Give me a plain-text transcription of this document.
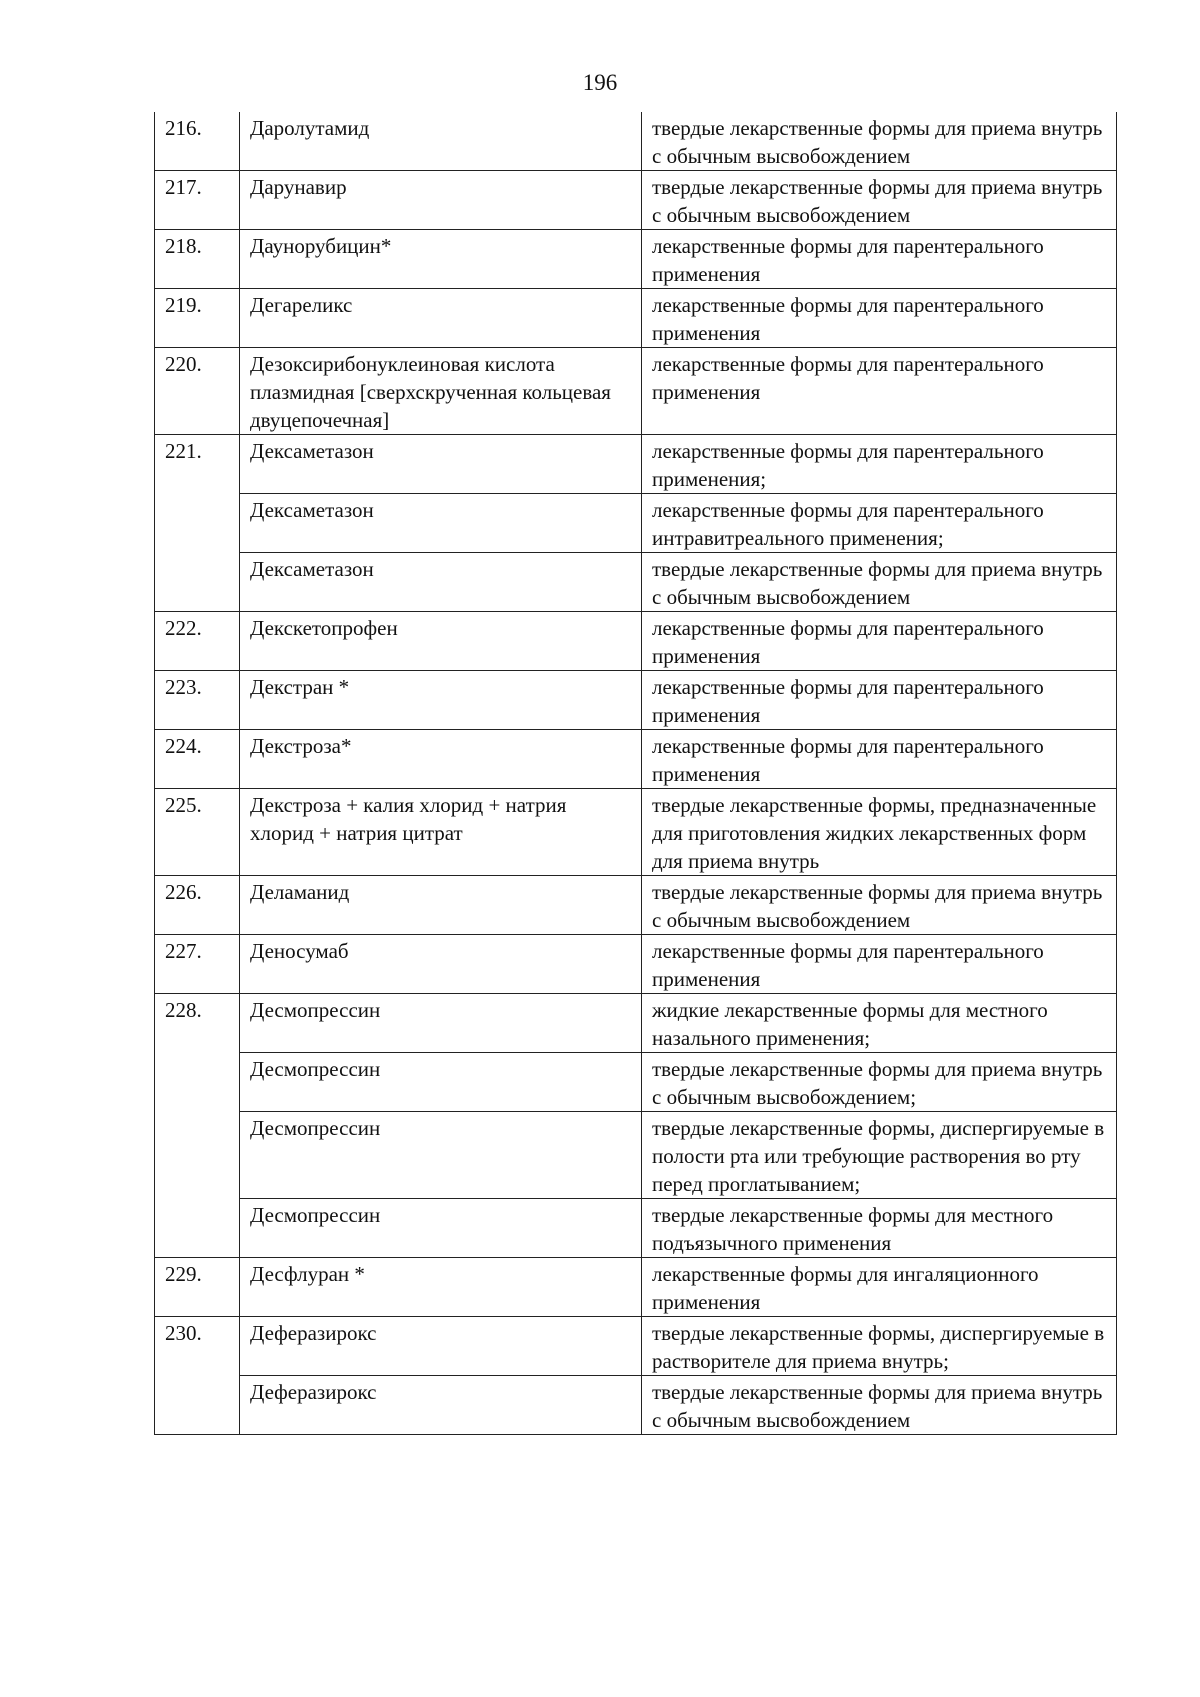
196
216.	Даролутамид	твердые лекарственные формы для приема внутрь с обычным высвобождением
217.	Дарунавир	твердые лекарственные формы для приема внутрь с обычным высвобождением
218.	Даунорубицин*	лекарственные формы для парентерального применения
219.	Дегареликс	лекарственные формы для парентерального применения
220.	Дезоксирибонуклеиновая кислота плазмидная [сверхскрученная кольцевая двуцепочечная]	лекарственные формы для парентерального применения
221.	Дексаметазон	лекарственные формы для парентерального применения;
	Дексаметазон	лекарственные формы для парентерального интравитреального применения;
	Дексаметазон	твердые лекарственные формы для приема внутрь с обычным высвобождением
222.	Декскетопрофен	лекарственные формы для парентерального применения
223.	Декстран *	лекарственные формы для парентерального применения
224.	Декстроза*	лекарственные формы для парентерального применения
225.	Декстроза + калия хлорид + натрия хлорид + натрия цитрат	твердые лекарственные формы, предназначенные для приготовления жидких лекарственных форм для приема внутрь
226.	Деламанид	твердые лекарственные формы для приема внутрь с обычным высвобождением
227.	Деносумаб	лекарственные формы для парентерального применения
228.	Десмопрессин	жидкие лекарственные формы для местного назального применения;
	Десмопрессин	твердые лекарственные формы для приема внутрь с обычным высвобождением;
	Десмопрессин	твердые лекарственные формы, диспергируемые в полости рта или требующие растворения во рту перед проглатыванием;
	Десмопрессин	твердые лекарственные формы для местного подъязычного применения
229.	Десфлуран *	лекарственные формы для ингаляционного применения
230.	Деферазирокс	твердые лекарственные формы, диспергируемые в растворителе для приема внутрь;
	Деферазирокс	твердые лекарственные формы для приема внутрь с обычным высвобождением
